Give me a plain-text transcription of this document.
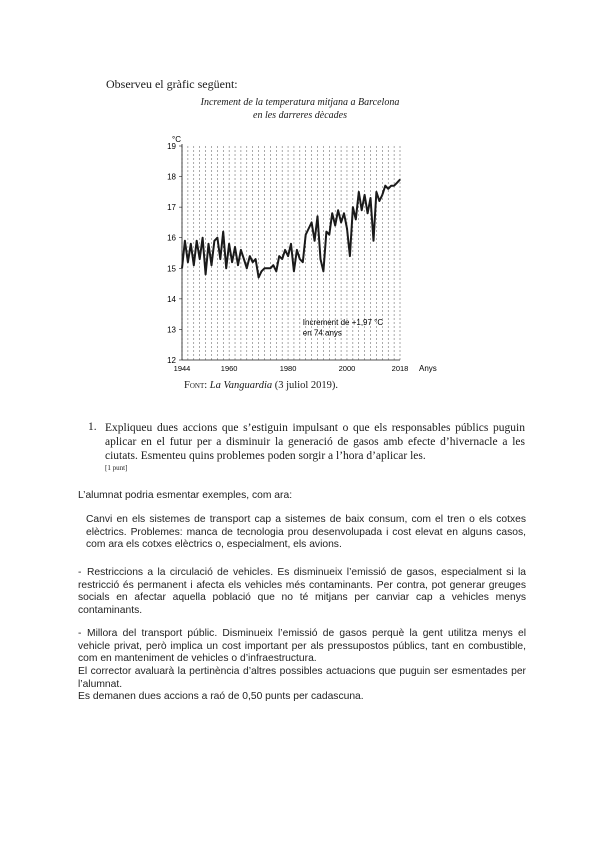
Observeu el gràfic següent:
Increment de la temperatura mitjana a Barcelona
en les darreres dècades
12
13
14
15
16
17
18
19
1944	1960	1980	2000	2018
°C
Anys
Increment de +1,97 °C
en 74 anys
Font: La Vanguardia (3 juliol 2019).
1. Expliqueu dues accions que s’estiguin impulsant o que els responsables públics puguin aplicar en el futur per a disminuir la generació de gasos amb efecte d’hivernacle a les ciutats. Esmenteu quins problemes poden sorgir a l’hora d’aplicar les.
[1 punt]
L’alumnat podria esmentar exemples, com ara:
Canvi en els sistemes de transport cap a sistemes de baix consum, com el tren o els cotxes elèctrics. Problemes: manca de tecnologia prou desenvolupada i cost elevat en alguns casos, com ara els cotxes elèctrics o, especialment, els avions.
- Restriccions a la circulació de vehicles. Es disminueix l’emissió de gasos, especialment si la restricció és permanent i afecta els vehicles més contaminants. Per contra, pot generar greuges socials en afectar aquella població que no té mitjans per canviar cap a vehicles menys contaminants.
- Millora del transport públic. Disminueix l’emissió de gasos perquè la gent utilitza menys el vehicle privat, però implica un cost important per als pressupostos públics, tant en combustible, com en manteniment de vehicles o d’infraestructura.
El corrector avaluarà la pertinència d’altres possibles actuacions que puguin ser esmentades per l’alumnat.
Es demanen dues accions a raó de 0,50 punts per cadascuna.
